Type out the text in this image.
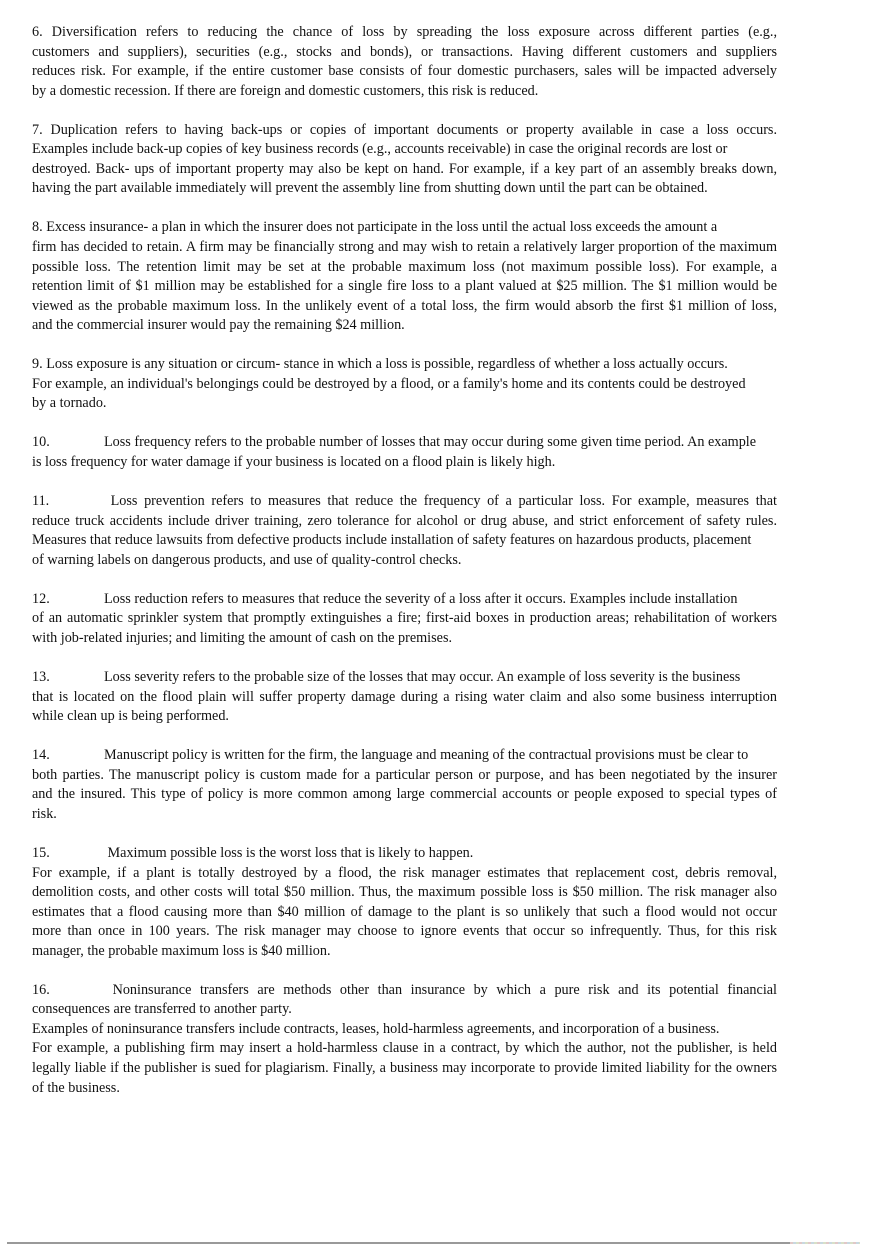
6. Diversification refers to reducing the chance of loss by spreading the loss exposure across different parties (e.g.,
customers and suppliers), securities (e.g., stocks and bonds), or transactions. Having different customers and suppliers
reduces risk. For example, if the entire customer base consists of four domestic purchasers, sales will be impacted adversely
by a domestic recession. If there are foreign and domestic customers, this risk is reduced.
7. Duplication refers to having back-ups or copies of important documents or property available in case a loss occurs.
Examples include back-up copies of key business records (e.g., accounts receivable) in case the original records are lost or
destroyed. Back- ups of important property may also be kept on hand. For example, if a key part of an assembly breaks down,
having the part available immediately will prevent the assembly line from shutting down until the part can be obtained.
8. Excess insurance- a plan in which the insurer does not participate in the loss until the actual loss exceeds the amount a
firm has decided to retain. A firm may be financially strong and may wish to retain a relatively larger proportion of the maximum
possible loss. The retention limit may be set at the probable maximum loss (not maximum possible loss). For example, a
retention limit of $1 million may be established for a single fire loss to a plant valued at $25 million. The $1 million would be
viewed as the probable maximum loss. In the unlikely event of a total loss, the firm would absorb the first $1 million of loss,
and the commercial insurer would pay the remaining $24 million.
9. Loss exposure is any situation or circum- stance in which a loss is possible, regardless of whether a loss actually occurs.
For example, an individual's belongings could be destroyed by a flood, or a family's home and its contents could be destroyed
by a tornado.
10.	Loss frequency refers to the probable number of losses that may occur during some given time period. An example
is loss frequency for water damage if your business is located on a flood plain is likely high.
11.	Loss prevention refers to measures that reduce the frequency of a particular loss. For example, measures that
reduce truck accidents include driver training, zero tolerance for alcohol or drug abuse, and strict enforcement of safety rules.
Measures that reduce lawsuits from defective products include installation of safety features on hazardous products, placement
of warning labels on dangerous products, and use of quality-control checks.
12.	Loss reduction refers to measures that reduce the severity of a loss after it occurs. Examples include installation
of an automatic sprinkler system that promptly extinguishes a fire; first-aid boxes in production areas; rehabilitation of workers
with job-related injuries; and limiting the amount of cash on the premises.
13.	Loss severity refers to the probable size of the losses that may occur. An example of loss severity is the business
that is located on the flood plain will suffer property damage during a rising water claim and also some business interruption
while clean up is being performed.
14.	Manuscript policy is written for the firm, the language and meaning of the contractual provisions must be clear to
both parties. The manuscript policy is custom made for a particular person or purpose, and has been negotiated by the insurer
and the insured. This type of policy is more common among large commercial accounts or people exposed to special types of
risk.
15.	Maximum possible loss is the worst loss that is likely to happen.
For example, if a plant is totally destroyed by a flood, the risk manager estimates that replacement cost, debris removal,
demolition costs, and other costs will total $50 million. Thus, the maximum possible loss is $50 million. The risk manager also
estimates that a flood causing more than $40 million of damage to the plant is so unlikely that such a flood would not occur
more than once in 100 years. The risk manager may choose to ignore events that occur so infrequently. Thus, for this risk
manager, the probable maximum loss is $40 million.
16.	Noninsurance transfers are methods other than insurance by which a pure risk and its potential financial
consequences are transferred to another party.
Examples of noninsurance transfers include contracts, leases, hold-harmless agreements, and incorporation of a business.
For example, a publishing firm may insert a hold-harmless clause in a contract, by which the author, not the publisher, is held
legally liable if the publisher is sued for plagiarism. Finally, a business may incorporate to provide limited liability for the owners
of the business.
